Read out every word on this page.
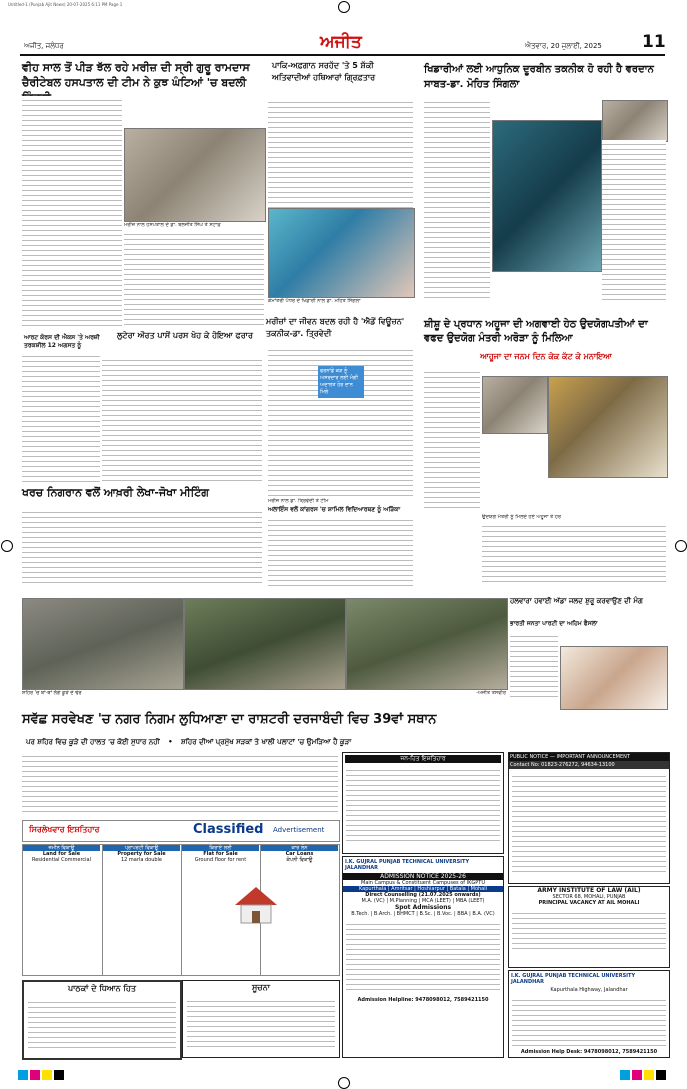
Untitled-1 (Punjab Ajit News) 20-07-2025 6:11 PM Page 1
ਅਜੀਤ, ਜਲੰਧਰ	ਅਜੀਤ	ਐਤਵਾਰ, 20 ਜੁਲਾਈ, 2025 11
ਵੀਹ ਸਾਲ ਤੋਂ ਪੀੜ ਝੱਲ ਰਹੇ ਮਰੀਜ਼ ਦੀ ਸ੍ਰੀ ਗੁਰੂ ਰਾਮਦਾਸ ਚੈਰੀਟੇਬਲ ਹਸਪਤਾਲ ਦੀ ਟੀਮ ਨੇ ਕੁਝ ਘੰਟਿਆਂ 'ਚ ਬਦਲੀ
ਮਰੀਜ਼ ਨਾਲ ਹਸਪਤਾਲ ਦੇ ਡਾ. ਬਲਜੀਤ ਸਿੰਘ ਤੇ ਸਟਾਫ਼
ਪਾਕਿ-ਅਫ਼ਗਾਨ ਸਰਹੱਦ 'ਤੇ 5 ਸ਼ੱਕੀ ਅਤਿਵਾਦੀਆਂ ਹਥਿਆਰਾਂ ਗ੍ਰਿਫ਼ਤਾਰ
ਕੌਮਾਂਤਰੀ ਪੱਧਰ ਦੇ ਖਿਡਾਰੀ ਨਾਲ ਡਾ. ਮੋਹਿਤ ਸਿੰਗਲਾ
ਖਿਡਾਰੀਆਂ ਲਈ ਆਧੁਨਿਕ ਦੂਰਬੀਨ ਤਕਨੀਕ ਹੋ ਰਹੀ ਹੈ ਵਰਦਾਨ ਸਾਬਤ-ਡਾ. ਮੋਹਿਤ ਸਿੰਗਲਾ
ਆਰਟ ਕੋਰਸ ਦੀ ਐਕਸ 'ਤੇ ਅਰਜ਼ੀ ਤਰਕਸ਼ੀਲ 12 ਅਗਸਤ ਨੂੰ
ਲੁਟੇਰਾ ਔਰਤ ਪਾਸੋਂ ਪਰਸ ਖੋਹ ਕੇ ਹੋਇਆ ਫਰਾਰ
ਮਰੀਜ਼ਾਂ ਦਾ ਜੀਵਨ ਬਦਲ ਰਹੀ ਹੈ 'ਐਡੋਂ ਵਿਊਜ਼ਨ' ਤਕਨੀਕ-ਡਾ. ਤ੍ਰਿਵੇਦੀ
ਫਰਨਾਂਡੇ ਕੜ ਨੂੰ ਅਸਰਦਾਰ ਲਈ ਮੰਗੀ ਅਦਾਲਤ ਹੋਰ ਦਾਨ ਮਿਲੇ
ਮਰੀਜ਼ ਨਾਲ ਡਾ. ਤ੍ਰਿਵੇਦੀ ਤੇ ਟੀਮ
ਸ਼ੀਸ਼ੂ ਦੇ ਪ੍ਰਧਾਨ ਅਹੂਜਾ ਦੀ ਅਗਵਾਈ ਹੇਠ ਉਦਯੋਗਪਤੀਆਂ ਦਾ ਵਫਦ ਉਦਯੋਗ ਮੰਤਰੀ ਅਰੋੜਾ ਨੂੰ ਮਿਲਿਆ
ਆਹੂਜਾ ਦਾ ਜਨਮ ਦਿਨ ਕੇਕ ਕੱਟ ਕੇ ਮਨਾਇਆ
ਉਦਯੋਗ ਮੰਤਰੀ ਨੂੰ ਮਿਲਦੇ ਹੋਏ ਅਹੂਜਾ ਤੇ ਹੋਰ
ਖਰਚ ਨਿਗਰਾਨ ਵਲੋਂ ਆਖ਼ਰੀ ਲੇਖਾ-ਜੋਖਾ ਮੀਟਿੰਗ
ਅਲਾਇੰਸ ਵਲੋਂ ਕਾਂਗਰਸ 'ਚ ਸ਼ਾਮਿਲ ਵਿਦਿਆਰਥਣ ਨੂੰ ਅੜਿੱਕਾ
ਸ਼ਹਿਰ 'ਚ ਥਾਂ-ਥਾਂ ਲੱਗੇ ਕੂੜੇ ਦੇ ਢੇਰ	-ਅਜੀਤ ਤਸਵੀਰ
ਹਲਵਾਰਾ ਹਵਾਈ ਅੱਡਾ ਜਲਦ ਸ਼ੁਰੂ ਕਰਵਾਉਣ ਦੀ ਮੰਗ
ਭਾਰਤੀ ਜਨਤਾ ਪਾਰਟੀ ਦਾ ਅਹਿਮ ਫੈਸਲਾ
ਸਵੱਛ ਸਰਵੇਖਣ 'ਚ ਨਗਰ ਨਿਗਮ ਲੁਧਿਆਣਾ ਦਾ ਰਾਸ਼ਟਰੀ ਦਰਜਾਬੰਦੀ ਵਿਚ 39ਵਾਂ ਸਥਾਨ
ਪਰ ਸ਼ਹਿਰ ਵਿਚ ਕੂੜੇ ਦੀ ਹਾਲਤ 'ਚ ਕੋਈ ਸੁਧਾਰ ਨਹੀਂ • ਸ਼ਹਿਰ ਦੀਆਂ ਪ੍ਰਮੁੱਖ ਸੜਕਾਂ ਤੇ ਖਾਲੀ ਪਲਾਟਾਂ 'ਚ ਉਮੜਿਆ ਹੈ ਕੂੜਾ
ਜਨ-ਹਿਤ ਇਸ਼ਤਿਹਾਰ	PUBLIC NOTICE — IMPORTANT ANNOUNCEMENT
Contact No: 01823-276272, 94634-13100
ਸਿਰਲੇਖਵਾਰ ਇਸ਼ਤਿਹਾਰ	Classified Advertisement
ਜ਼ਮੀਨ ਵਿਕਾਊ
Land for Sale
Residential Commercial
ਪ੍ਰਾਪਰਟੀ ਵਿਕਾਊ
Property for Sale
12 marla double
ਕਿਰਾਏ ਲਈ
Flat for Sale
Ground floor for rent
ਕਾਰ ਲੋਨ
Car Loans
ਕੰਪਨੀ ਵਿਕਾਊ
ਪਾਠਕਾਂ ਦੇ ਧਿਆਨ ਹਿਤ	ਸੂਚਨਾ
I.K. GUJRAL PUNJAB TECHNICAL UNIVERSITY JALANDHAR
ADMISSION NOTICE 2025-26
Main Campus & Constituent Campuses of IKGPTU
Kapurthala | Amritsar | Hoshiarpur | Batala | Mohali
Direct Counselling (21.07.2025 onwards)
M.A. (VC) | M.Planning | MCA (LEET) | MBA (LEET)
Spot Admissions
B.Tech. | B.Arch. | BHMCT | B.Sc. | B.Voc. | BBA | B.A. (VC)
Admission Helpline: 9478098012, 7589421150
ARMY INSTITUTE OF LAW (AIL)
SECTOR 68, MOHALI, PUNJAB
PRINCIPAL VACANCY AT AIL MOHALI
I.K. GUJRAL PUNJAB TECHNICAL UNIVERSITY JALANDHAR
Kapurthala Highway, Jalandhar
Admission Help Desk: 9478098012, 7589421150
